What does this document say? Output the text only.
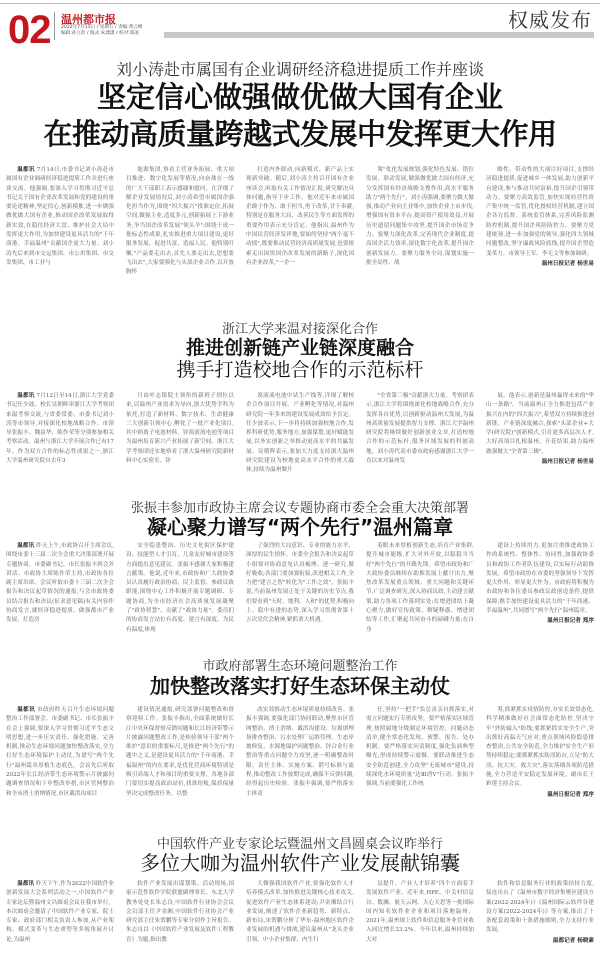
02 温州都市报
2022年7月15日 / 星期五 / 责编:黄云峰
编辑:孙立彭 / 版式:朱潇潇 / 校对:郑凌
权威发布
刘小涛赴市属国有企业调研经济稳进提质工作并座谈
坚定信心做强做优做大国有企业
在推动高质量跨越式发展中发挥更大作用

温都讯 7月14日,市委书记刘小涛赴市属国有企业调研经济稳进提质工作并进行座谈交流。他强调,要深入学习贯彻习近平总书记关于国有企业改革发展和党的建设的重要论述精神,坚定信心,创新摸推,进一步做强做优做大国有企业,推动国企改革发展取得新实效,在稳住经济大盘、维护社会大局中发挥更大作用,为加快建设更具活力的"千年商港、幸福温州"贡献国企更大力量。刘小涛先后来到市交运集团、市公用集团、市交发集团、市工业与

能源集团,察看主营业务拓展、重大项目推进、数字化发展等情况,向奋战在一线的广大干部职工表示感谢和慰问。在详细了解企业发展情况后,刘小涛希望市属国企强化担当作为,围绕"四大振兴"找准定位,拓展空间,做强主业,适度多元,创新拓展上下游业务,争当国企改革发展"领头羊";围绕干成一批标志性成果,扎实推进重大项目建设,更好服务发展、促进共富、造福人民。他特别叮嘱,"产品要走出去,首先人要走出去,思想要飞出去",大家要强化与头部企业合作,以开放胸怀

打造内外联动,向新模式、新产品上实现新突破。随后,刘小涛主持召开国有企业座谈会,听取有关工作情况汇报,研究解决具体问题,指导下步工作。他对近年来市属国企敢于作为、敢于担当,勇于改革,甘于奉献,特别是在服务大局、改善民生等方面发挥的重要作用表示充分肯定。他指出,温州作为中国民营经济发祥地,要始终坚持"两个毫不动摇",既要推动民营经济高质量发展,也要探索走出国资国企改革发展的新路子,深化国有企业改革,"一企一

策"优化发展规划,强化特色发展、错位发展、联动发展,做强做优做大国有经济,充分发挥国有经济战略支撑作用,高水平服务助力"两个先行"。刘小涛强调,要聚力做大做强,推动产业向主业集中,加快企业上市步伐,增强国有资本平台,提高资产使用效益,开展历史遗留问题集中攻坚,提升国企市场竞争力。要聚力深化改革,完善现代企业制度,提高国企活力效率,深化数字化改革,提升国企创新发展力。要聚力服务全局,谋划实施一批全局性、战

略性、带动性的大项目好项目,支撑经济稳进提质,促进城乡一体发展,助力创新平台建设,参与推动共同富裕,提升国企引领带动力。要聚力高效监管,加快实现经营性资产集中统一监管,优化授权经营机制,建立国企各方监督、系统监管体系,完善风险监测防控机制,提升国企风险防控力。要聚力党建统领,进一步加强党的领导,强化四大领域问题整改,坚守廉政风险底线,提升国企塑造变革力。市领导王军、李无文等参加调研。

温州日报记者 杨世易
浙江大学来温对接深化合作
推进创新链产业链深度融合
携手打造校地合作的示范标杆

温都讯 7月12日至14日,浙江大学党委书记任少波、校长吴朝晖率浙江大学考察团来温考察交流,与省委常委、市委书记刘小涛等市领导,对接深化校地战略合作。市领导张振丰、魏益华、陈作荣等分别参加相关考察活动。温州与浙江大学开展合作已有17年。作为双方合作的标志性成果之一,浙江大学温州研究院自去年3

月由叶志镇院士领衔的新班子到位以来,以温州产业需求为导向,浙大优势学科为依托,打造了新材料、数字技术、生命健康三大创新引领中心,孵化了一批产业化项目,其中钠离子电池材料、锌溴液流电池等项目为温州培育新兴产业拓展了新空间。浙江大学考察团还实地察看了浙大温州研究院新材料中心实验室、锌

溴液流电池中试生产线等,详细了解校企合作项目开展、产业孵化等情况,对温州研究院一年多来的建设发展成效给予肯定。任少波表示,下一步将持续加强校地合作,发挥科研优势,服务地方,加强谋划,更好赋能发展,以务实创新之举推动更高水平的共赢发展。吴朝晖表示,要加大力度支持浙大温州研究院建设为校地更高水平合作的重大载体,持续为温州做升

"全省第三极"贡献浙大力量。考察团表示,浙江大学将围绕深化校地战略合作,充分发挥各自优势,以创新驱动温州大发展,为温州高质量发展提供智力支撑。浙江大学温州研究院将继续做好创新创业文章,打造校地合作的示范标杆,服务区域发展的科创高地。刘小涛代表市委市政府感谢浙江大学一直以来对温州发

展。他表示,创新是温州赢得未来的"华山一条路"。当前温州正全力推进包括产业振兴在内的"四大振兴",希望双方持续推进创新链、产业链深度融合,探索"头部企业+大学(研究院)"创新模式,引育更多高层次人才,大好高项目扎根温州、开花结果,助力温州做强做大"全省第三极"。

温州日报记者 杨世易
张振丰参加市政协主席会议专题协商市委全会重大决策部署
凝心聚力谱写“两个先行”温州篇章

温都讯 昨天上午,市政协召开主席会议,围绕市委十三届二次全会重大决策部署开展专题协商。市委副书记、市长张振丰到会并讲话。市政协主席陈作荣主持,市政协各位副主席出席。会议听取市委十三届二次全会报告和决议起草情况的通报,与会市政协委员结合报告和决议(征求意见稿)有关内容作协商发言,就经济稳进提质、做强都市产业发展、打造房

安全隐患整治、历史文化街区保护建设、技能型人才引育、儿童友好城市建设等方面提出意见建议。张振丰感谢大家积极建言献策。他说,近年来,市政协和广大政协委员认真履行政治协商、民主监督、参政议政职能,围绕中心工作积极开展专题调研、专题协商,为全市经济社会高质量发展凝聚了"政协智慧"、贡献了"政协力量"。委员们的协商发言站位有高度、建言有深度、为民有温度,体现

了强烈的大局意识、专业的能力水平、深厚的民生情怀。市委全会报告和决议起草小组要对协商意见认真梳理、逐一研究,做好吸收;各部门要加强衔接,改进相关工作,全力把"建言之智"转化为"工作之效"。张振丰说,当前温州发展正处于关键的历史节点,我们要看到"天时、地利、人和"的优势,积极向上、稳中有进的态势,深入学习贯彻省第十五次党代会精神,紧抓重大机遇,

着眼未来厚植创新生态,培育产业集群,提升城市能级,扩大对外开放,以稳稳当当好"两个先行"的开路先锋。希望市政协和广大政协委员继续在助推发展上献计出力,聚焦改革发展重点领域、重大问题和关键环节,广泛调查研究,深入协商议政,主动建言献策,助力各项工作落到实处;在增进团结上凝心聚力,做好宣传政策、解疑释惑、增进团结等工作,汇聚起共同奋斗的磅礴力量;在自身

建设上持续用力,更加注重推进政协工作的系统性、整体性、协同性,加强政协委员和政协工作者队伍建设,以实际行动助推发展。希望市政协在市委的坚强领导下发挥更大作用、彰显更大作为。市政府将积极为市政协和各位委员参政议政创造条件,提供保障,携手加快建设更具活力的"千年商港、幸福温州",共同谱写"两个先行"温州篇章。

温州日报记者 郑序
市政府部署生态环境问题整治工作
加快整改落实打好生态环保主动仗

温都讯 市政府昨天召开生态环境问题整治工作部署会。市委副书记、市长张振丰在会上强调,要深入学习贯彻习近平生态文明思想,进一步压实责任、强化措施、完善机制,推动生态环境问题加快整改落实,全力打好生态环境保护主动仗,为谱写"两个先行"温州篇章厚植生态底色。会议先后听取2022年长江经济带生态环境警示片披露问题调查情况和下步整改举措,市区管网整治和全市渣土消纳情况,市区截洪沟项目

建设情况通报,研究部署问题整改和督察迎检工作。张振丰指出,全面系统做好长江中央环保督察反馈问题和长江经济带警示片披露问题整改工作,是检验领导干部"两个维护"意识的重要标尺,是推进"两个先行"的题中之义,是建设更具活力的"千年商港、幸福温州"的内在要求,是优化营商环境特别是吸引高端人才和项目的重要支撑。各地各部门要切实提高政治站位,找准短板,保质保量坚决完成整改任务。以整

改实效推动生态环境质量持续改善。张振丰强调,要强化部门协同联动,聚焦市区管网整治、渣土消纳、截洪沟建设、垃圾填埋场排查整治、污水处理厂运维管理、生态岸坡修复、水源地保护问题整治、锌合金行业整治等重点问题全力攻坚,逐一明确整改时限、责任主体、实施方案、销号标准与流程,推动整改工作按期完成,确保不反弹回潮,经得起历史检验。张振丰强调,要严格落实主体责

任,坚持"一把手"负总责亲自抓落实,对需立问题实行专班攻坚。要严格落实区域管理,按照属地分级制定环境管控、问题动态清单,健全常态化发现、预警、报告、处办机制。要严格落实问责制度,强化负面典型曝光,形成持续警示震慑。要联动推进生态安全防范创建,全力攻坚"无废城市"建设,持续深化水环境质量"达Ⅲ消Ⅴ"行动。张振丰强调,当前要强化工作统

筹,抓紧抓实疫情防控,夯实长效常态化,科学精准做好社会面常态化防控,坚决守牢"外防输入"防线;要抓紧抓实安全生产,突出抓好高温天气应对,重点领域风险隐患排查整治,公共安全防范,全力维护安全生产形势持续稳定;要抓紧抓实防汛防台,立足"防大汛、抗大灾、救大灾",落实落细各项防范措施,全力营造平安稳定发展环境。副市长王彩莲主持会议。

温州日报记者 郑序
中国软件产业专家论坛暨温州文昌圆桌会议昨举行
多位大咖为温州软件产业发展献锦囊

温都讯 昨天下午,作为2022中国软件业创新发展大会系列活动之一,中国软件产业专家论坛暨温州文昌圆桌会议在我市举行。本次圆桌会邀请了中国软件产业专家、院士专家、政府部门相关负责人参加,从产业架构、模式变革与生态重塑等多视角展开讨论,为温州

软件产业发展出谋划策。活动现场,国家示范性软件学院联盟副理事长、东北大学教务处处长朱志良,中国软件行业协会会议会员部主任尹金湘,中国软件行业协会产业研究部主任朱贺鹏等专家分别作主旨报告。朱志良以《中国软件产业发展及软件工程教育》为题,指出教

大做强我国软件产业,要强化软件人才培养模式改革,加快推进关键核心技术攻关,促进软件产业生态体系建设;尹金湘结合行业发展,阐述了软件企业新趋势、新特点、新布局,宋贺鹏分析了华东-温州地区软件企业发展的机遇与挑战,建议温州从"龙头企业引领、中小企业集群、内生行

层提升、产业人才培养"四个方面着手发展软件产业。近年来,HPE、中关村信息谷、数澜、航天云网、天心天思等一批国际国内知名软件业企业和项目落地温州。2021年,温州规上软件和信息服务业营业收入同比增长23.2%。今年以来,温州持续加大对

软件和信息服务行业的政策扶持力度,接连出台了《温州市数字经济集聚区建设方案(2022-2024年)》《温州国际云软件谷建设方案(2022-2024年)》等方案,推出了十条配套政策和十条措施细则,全力支持行业发展。

温都记者 杨晓素
